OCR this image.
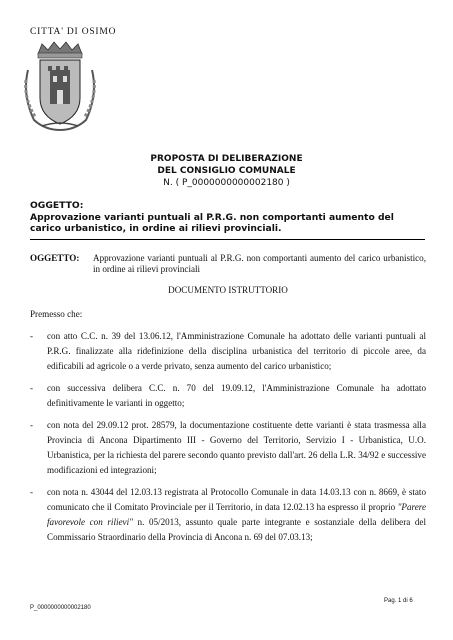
CITTA' DI OSIMO
PROPOSTA DI DELIBERAZIONE
DEL CONSIGLIO COMUNALE
N. ( P_0000000000002180 )
OGGETTO:
Approvazione varianti puntuali al P.R.G. non comportanti aumento del carico urbanistico, in ordine ai rilievi provinciali.
OGGETTO:	Approvazione varianti puntuali al P.R.G. non comportanti aumento del carico urbanistico, in ordine ai rilievi provinciali
DOCUMENTO ISTRUTTORIO
Premesso che:
-	con atto C.C. n. 39 del 13.06.12, l'Amministrazione Comunale ha adottato delle varianti puntuali al P.R.G. finalizzate alla ridefinizione della disciplina urbanistica del territorio di piccole aree, da edificabili ad agricole o a verde privato, senza aumento del carico urbanistico;
-	con successiva delibera C.C. n. 70 del 19.09.12, l'Amministrazione Comunale ha adottato definitivamente le varianti in oggetto;
-	con nota del 29.09.12 prot. 28579, la documentazione costituente dette varianti è stata trasmessa alla Provincia di Ancona Dipartimento III - Governo del Territorio, Servizio I - Urbanistica, U.O. Urbanistica, per la richiesta del parere secondo quanto previsto dall'art. 26 della L.R. 34/92 e successive modificazioni ed integrazioni;
-	con nota n. 43044 del 12.03.13 registrata al Protocollo Comunale in data 14.03.13 con n. 8669, è stato comunicato che il Comitato Provinciale per il Territorio, in data 12.02.13 ha espresso il proprio "Parere favorevole con rilievi" n. 05/2013, assunto quale parte integrante e sostanziale della delibera del Commissario Straordinario della Provincia di Ancona n. 69 del 07.03.13;
P_0000000000002180
Pag. 1 di 6
